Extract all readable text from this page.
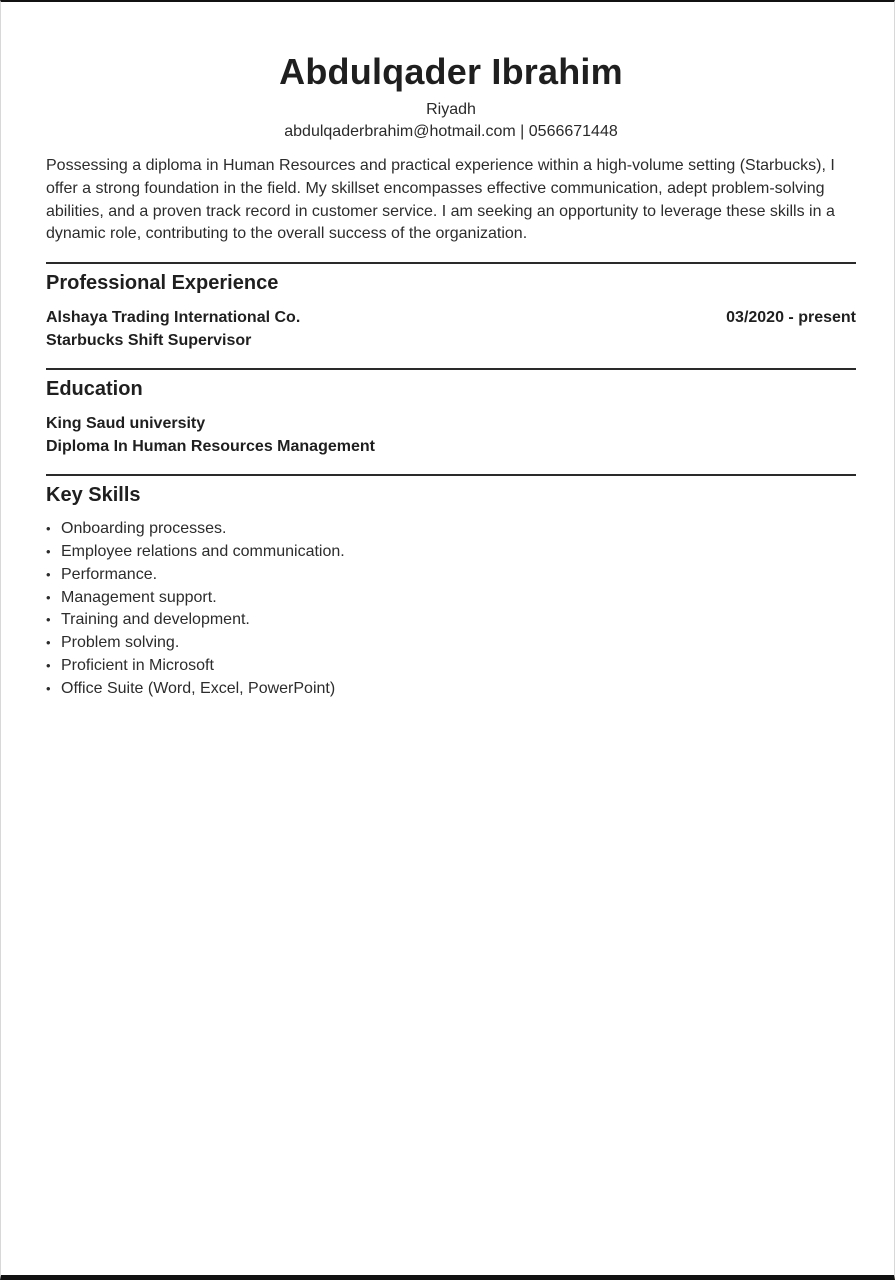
Abdulqader Ibrahim
Riyadh
abdulqaderbrahim@hotmail.com | 0566671448

Possessing a diploma in Human Resources and practical experience within a high-volume setting (Starbucks), I offer a strong foundation in the field. My skillset encompasses effective communication, adept problem-solving abilities, and a proven track record in customer service. I am seeking an opportunity to leverage these skills in a dynamic role, contributing to the overall success of the organization.

Professional Experience
Alshaya Trading International Co.	03/2020 - present
Starbucks Shift Supervisor
Education
King Saud university
Diploma In Human Resources Management
Key Skills
• Onboarding processes.
• Employee relations and communication.
• Performance.
• Management support.
• Training and development.
• Problem solving.
• Proficient in Microsoft
• Office Suite (Word, Excel, PowerPoint)
